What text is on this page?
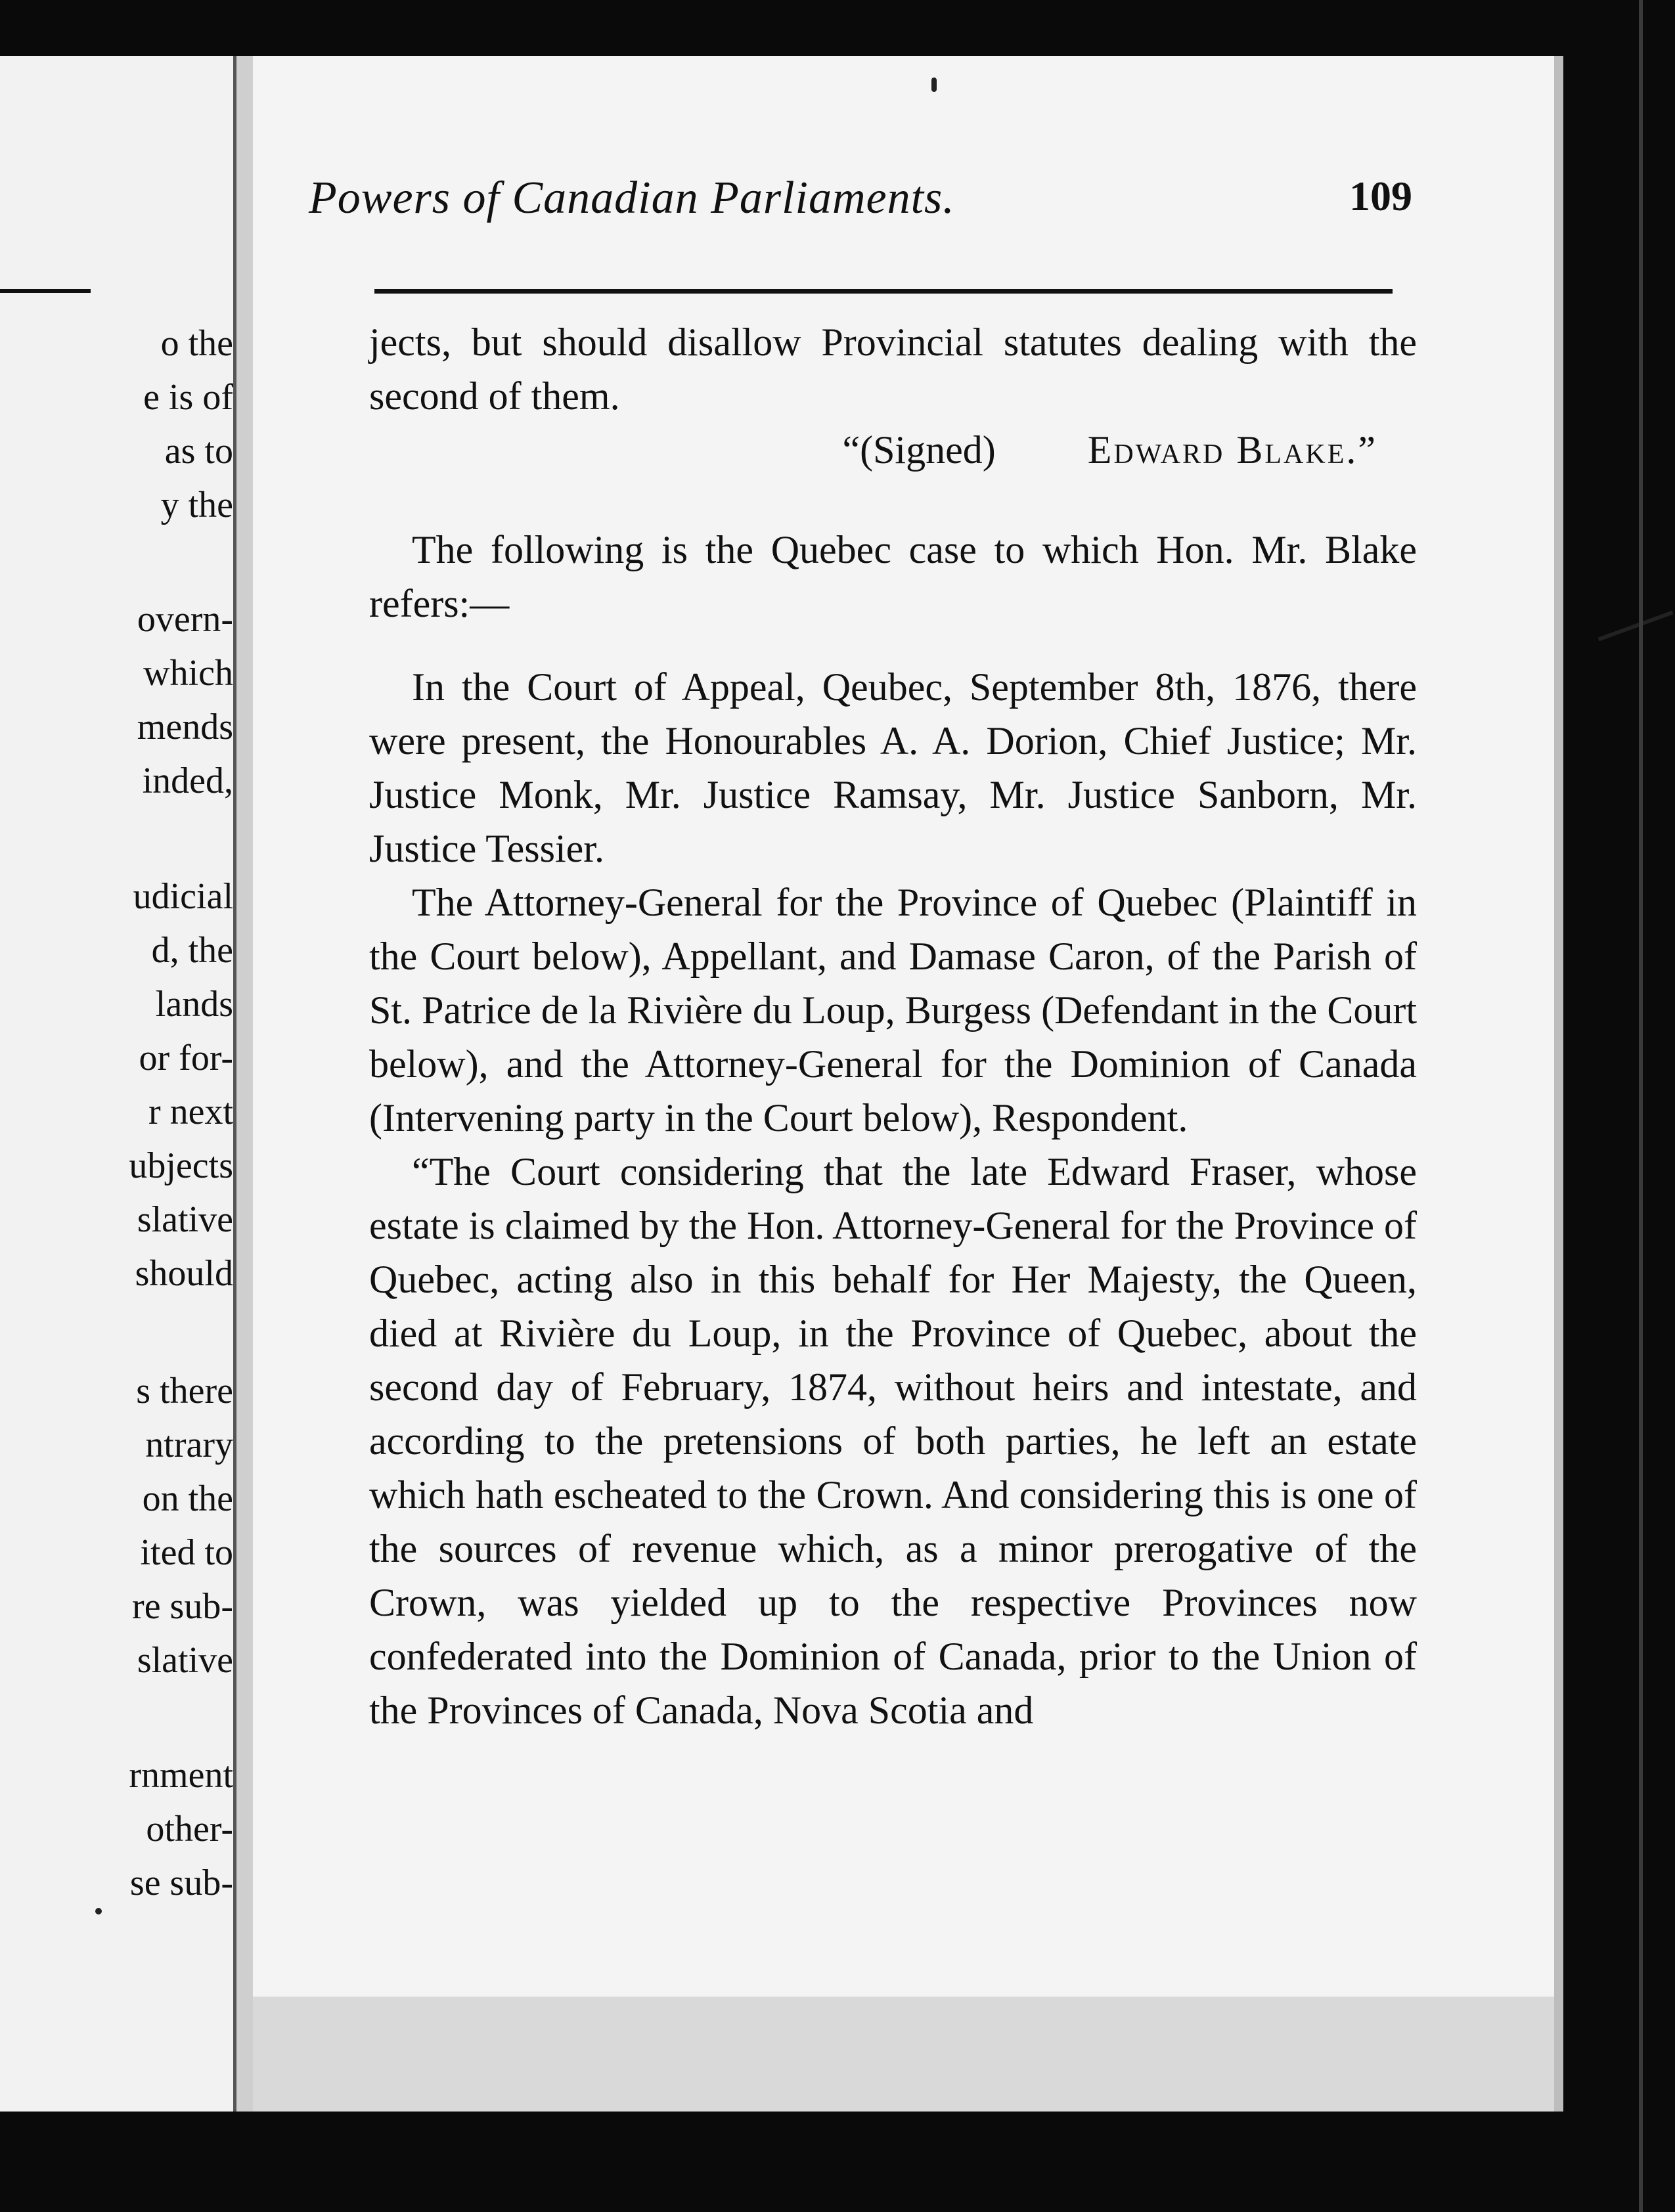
o the
e is of
as to
y the
overn-
which
mends
inded,
udicial
d, the
lands
or for-
r next
ubjects
slative
should
s there
ntrary
on the
ited to
re sub-
slative
rnment
other-
se sub-
Powers of Canadian Parliaments.	109

jects, but should disallow Provincial statutes dealing with the second of them.

“(Signed) Edward Blake.”

The following is the Quebec case to which Hon. Mr. Blake refers:—

In the Court of Appeal, Qeubec, September 8th, 1876, there were present, the Honourables A. A. Dorion, Chief Justice; Mr. Justice Monk, Mr. Justice Ramsay, Mr. Justice Sanborn, Mr. Justice Tessier.

The Attorney-General for the Province of Quebec (Plaintiff in the Court below), Appellant, and Damase Caron, of the Parish of St. Patrice de la Rivière du Loup, Burgess (Defendant in the Court below), and the Attorney-General for the Dominion of Canada (Intervening party in the Court below), Respondent.

“The Court considering that the late Edward Fraser, whose estate is claimed by the Hon. Attorney-General for the Province of Quebec, acting also in this behalf for Her Majesty, the Queen, died at Rivière du Loup, in the Province of Quebec, about the second day of February, 1874, without heirs and intestate, and according to the pretensions of both parties, he left an estate which hath escheated to the Crown. And considering this is one of the sources of revenue which, as a minor prerogative of the Crown, was yielded up to the respective Provinces now confederated into the Dominion of Canada, prior to the Union of the Provinces of Canada, Nova Scotia and
